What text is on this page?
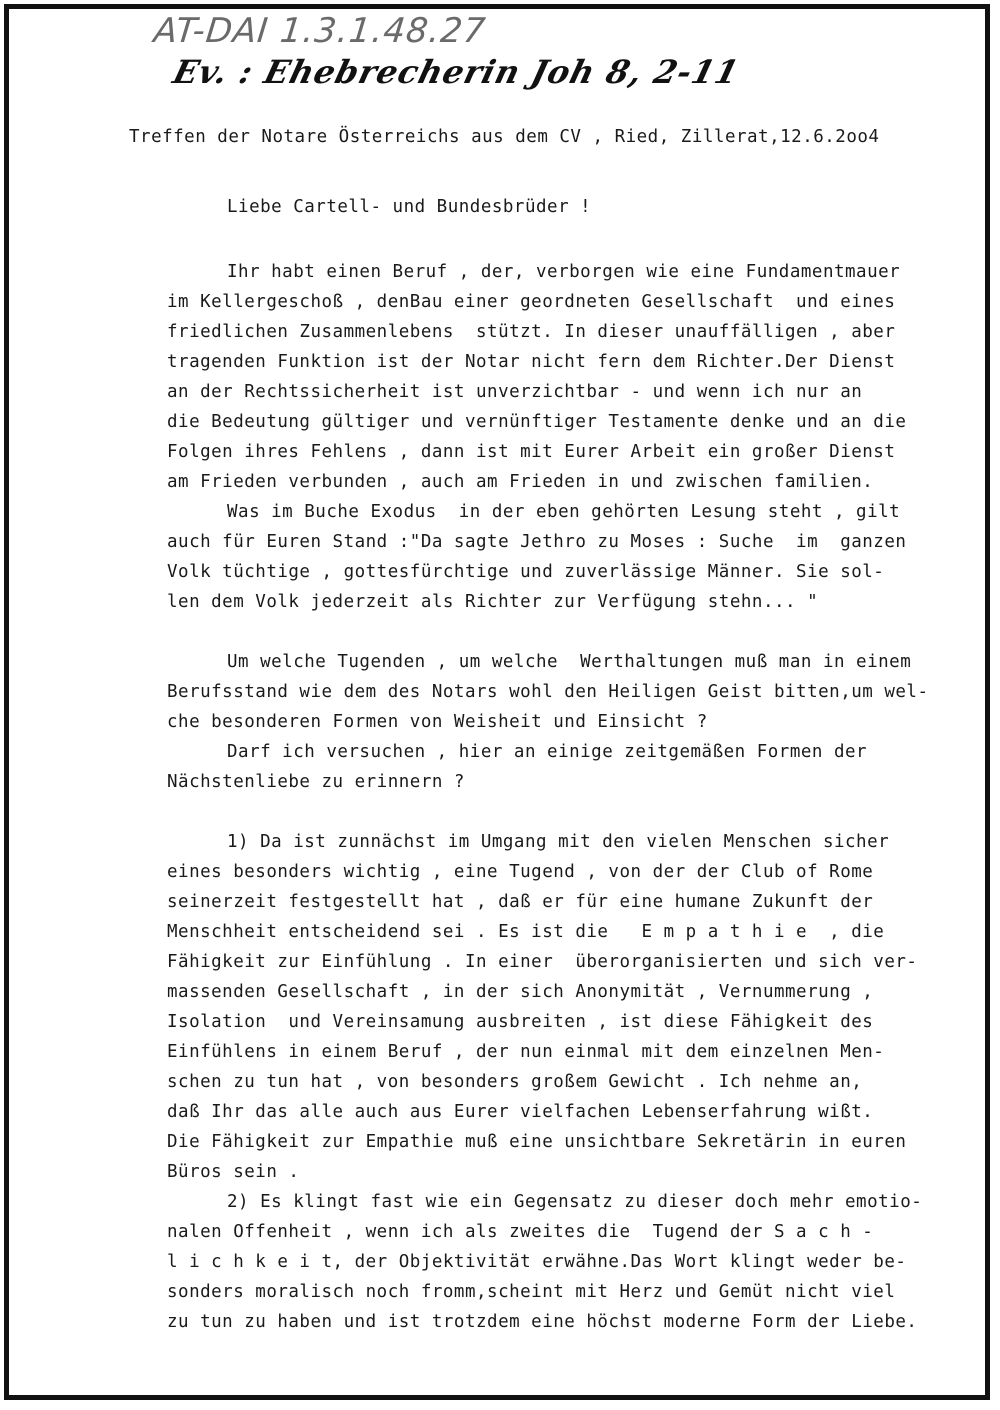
AT-DAI 1.3.1.48.27
Ev. : Ehebrecherin Joh 8, 2-11
Treffen der Notare Österreichs aus dem CV , Ried, Zillerat,12.6.2oo4
Liebe Cartell- und Bundesbrüder !
Ihr habt einen Beruf , der, verborgen wie eine Fundamentmauer
im Kellergeschoß , denBau einer geordneten Gesellschaft  und eines
friedlichen Zusammenlebens  stützt. In dieser unauffälligen , aber
tragenden Funktion ist der Notar nicht fern dem Richter.Der Dienst
an der Rechtssicherheit ist unverzichtbar - und wenn ich nur an
die Bedeutung gültiger und vernünftiger Testamente denke und an die
Folgen ihres Fehlens , dann ist mit Eurer Arbeit ein großer Dienst
am Frieden verbunden , auch am Frieden in und zwischen familien.
Was im Buche Exodus  in der eben gehörten Lesung steht , gilt
auch für Euren Stand :"Da sagte Jethro zu Moses : Suche  im  ganzen
Volk tüchtige , gottesfürchtige und zuverlässige Männer. Sie sol-
len dem Volk jederzeit als Richter zur Verfügung stehn... "
Um welche Tugenden , um welche  Werthaltungen muß man in einem
Berufsstand wie dem des Notars wohl den Heiligen Geist bitten,um wel-
che besonderen Formen von Weisheit und Einsicht ?
Darf ich versuchen , hier an einige zeitgemäßen Formen der
Nächstenliebe zu erinnern ?
1) Da ist zunnächst im Umgang mit den vielen Menschen sicher
eines besonders wichtig , eine Tugend , von der der Club of Rome
seinerzeit festgestellt hat , daß er für eine humane Zukunft der
Menschheit entscheidend sei . Es ist die   E m p a t h i e  , die
Fähigkeit zur Einfühlung . In einer  überorganisierten und sich ver-
massenden Gesellschaft , in der sich Anonymität , Vernummerung ,
Isolation  und Vereinsamung ausbreiten , ist diese Fähigkeit des
Einfühlens in einem Beruf , der nun einmal mit dem einzelnen Men-
schen zu tun hat , von besonders großem Gewicht . Ich nehme an,
daß Ihr das alle auch aus Eurer vielfachen Lebenserfahrung wißt.
Die Fähigkeit zur Empathie muß eine unsichtbare Sekretärin in euren
Büros sein .
2) Es klingt fast wie ein Gegensatz zu dieser doch mehr emotio-
nalen Offenheit , wenn ich als zweites die  Tugend der S a c h -
l i c h k e i t, der Objektivität erwähne.Das Wort klingt weder be-
sonders moralisch noch fromm,scheint mit Herz und Gemüt nicht viel
zu tun zu haben und ist trotzdem eine höchst moderne Form der Liebe.
